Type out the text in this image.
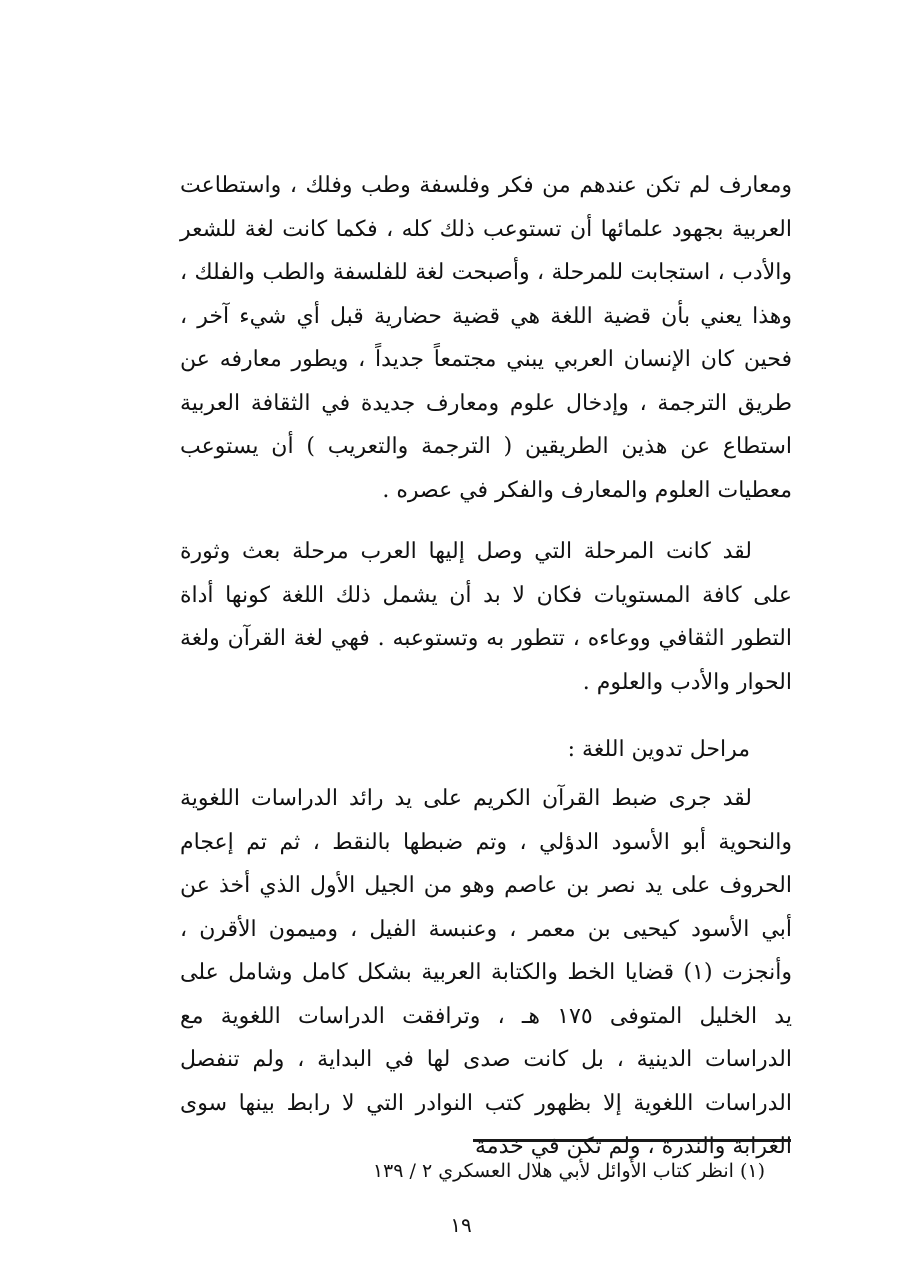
ومعارف لم تكن عندهم من فكر وفلسفة وطب وفلك ، واستطاعت العربية بجهود علمائها أن تستوعب ذلك كله ، فكما كانت لغة للشعر والأدب ، استجابت للمرحلة ، وأصبحت لغة للفلسفة والطب والفلك ، وهذا يعني بأن قضية اللغة هي قضية حضارية قبل أي شيء آخر ، فحين كان الإنسان العربي يبني مجتمعاً جديداً ، ويطور معارفه عن طريق الترجمة ، وإدخال علوم ومعارف جديدة في الثقافة العربية استطاع عن هذين الطريقين ( الترجمة والتعريب ) أن يستوعب معطيات العلوم والمعارف والفكر في عصره .

لقد كانت المرحلة التي وصل إليها العرب مرحلة بعث وثورة على كافة المستويات فكان لا بد أن يشمل ذلك اللغة كونها أداة التطور الثقافي ووعاءه ، تتطور به وتستوعبه . فهي لغة القرآن ولغة الحوار والأدب والعلوم .

مراحل تدوين اللغة :

لقد جرى ضبط القرآن الكريم على يد رائد الدراسات اللغوية والنحوية أبو الأسود الدؤلي ، وتم ضبطها بالنقط ، ثم تم إعجام الحروف على يد نصر بن عاصم وهو من الجيل الأول الذي أخذ عن أبي الأسود كيحيى بن معمر ، وعنبسة الفيل ، وميمون الأقرن ، وأنجزت (١) قضايا الخط والكتابة العربية بشكل كامل وشامل على يد الخليل المتوفى ١٧٥ هـ ، وترافقت الدراسات اللغوية مع الدراسات الدينية ، بل كانت صدى لها في البداية ، ولم تنفصل الدراسات اللغوية إلا بظهور كتب النوادر التي لا رابط بينها سوى الغرابة والندرة ، ولم تكن في خدمة

(١) انظر كتاب الأوائل لأبي هلال العسكري ٢ / ١٣٩
١٩
